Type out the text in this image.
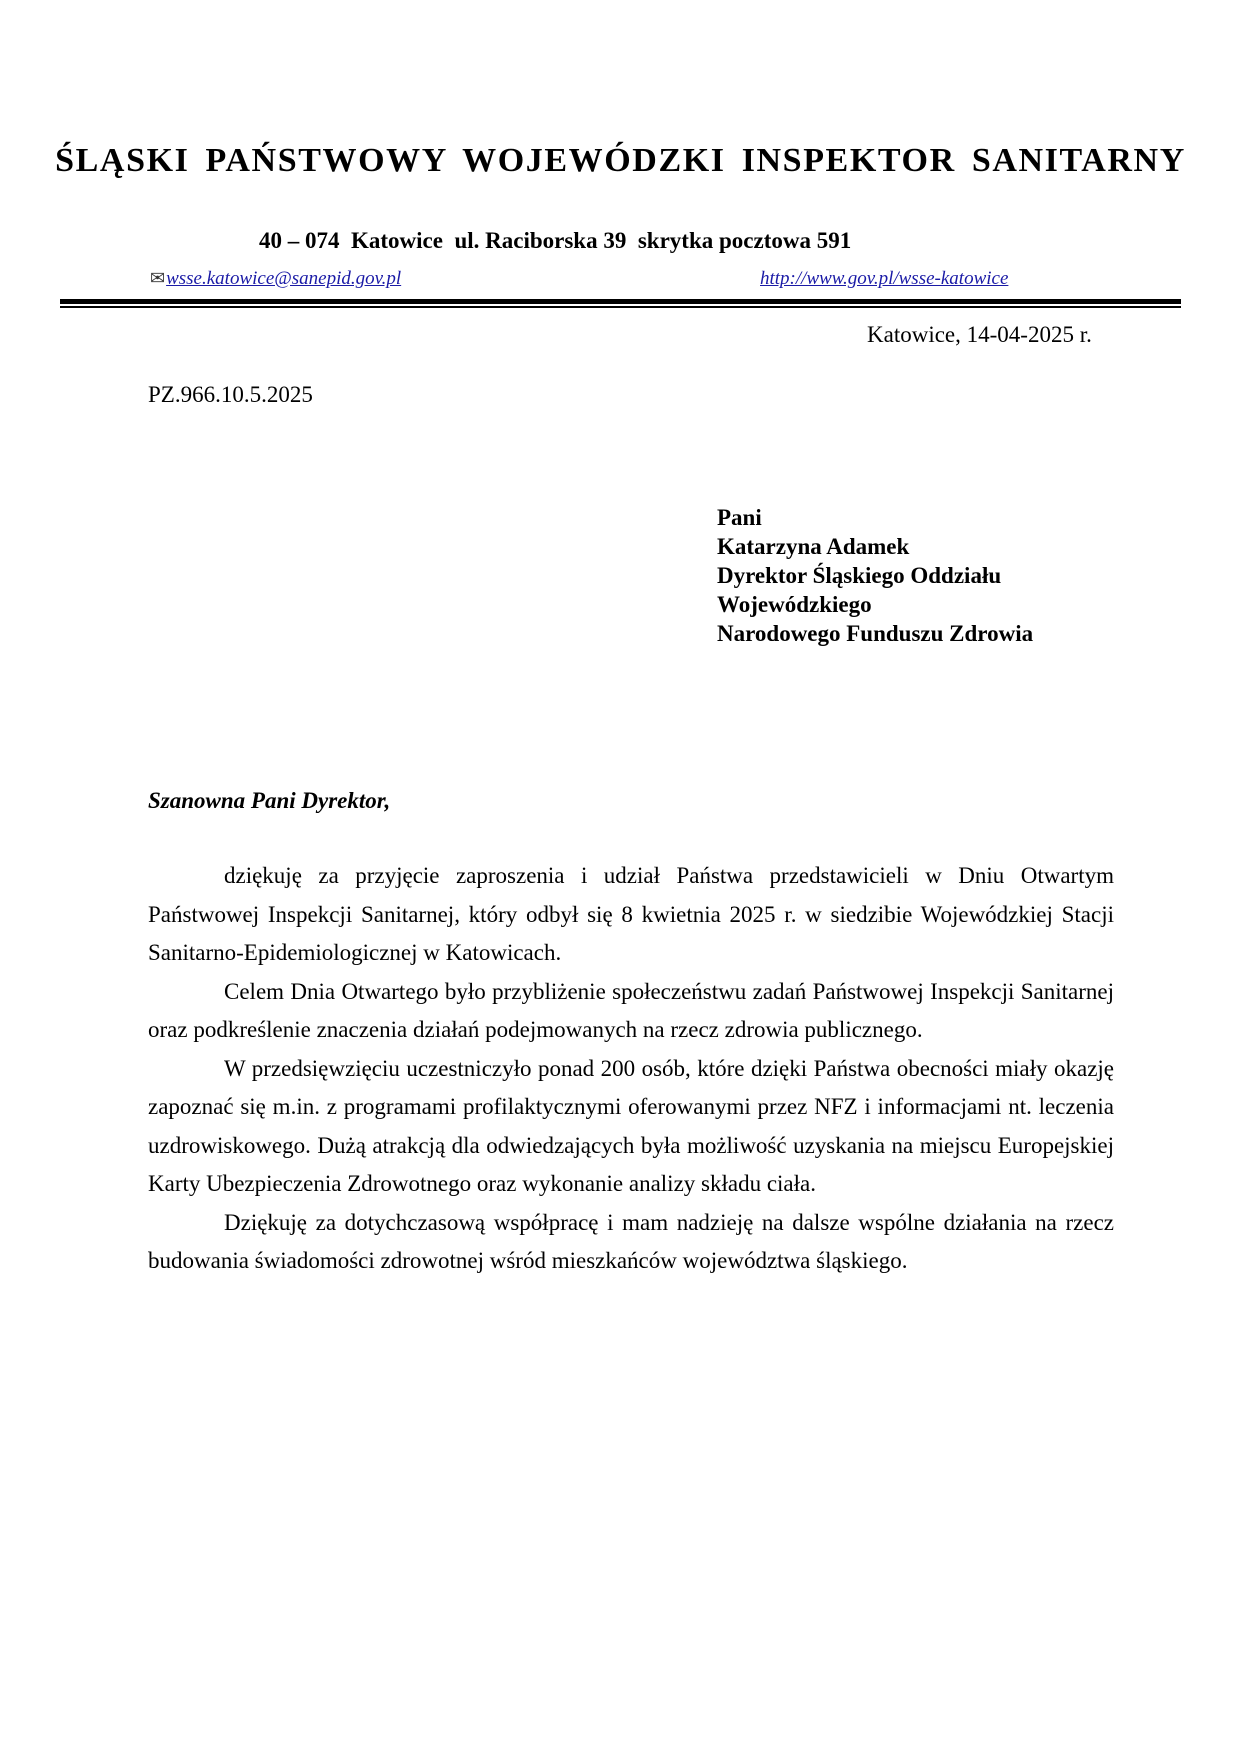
ŚLĄSKI PAŃSTWOWY WOJEWÓDZKI INSPEKTOR SANITARNY
40 – 074  Katowice  ul. Raciborska 39  skrytka pocztowa 591
✉wsse.katowice@sanepid.gov.pl	http://www.gov.pl/wsse-katowice
Katowice, 14-04-2025 r.
PZ.966.10.5.2025
Pani
Katarzyna Adamek
Dyrektor Śląskiego Oddziału
Wojewódzkiego
Narodowego Funduszu Zdrowia
Szanowna Pani Dyrektor,

dziękuję za przyjęcie zaproszenia i udział Państwa przedstawicieli w Dniu Otwartym Państwowej Inspekcji Sanitarnej, który odbył się 8 kwietnia 2025 r. w siedzibie Wojewódzkiej Stacji Sanitarno-Epidemiologicznej w Katowicach.

Celem Dnia Otwartego było przybliżenie społeczeństwu zadań Państwowej Inspekcji Sanitarnej oraz podkreślenie znaczenia działań podejmowanych na rzecz zdrowia publicznego.

W przedsięwzięciu uczestniczyło ponad 200 osób, które dzięki Państwa obecności miały okazję zapoznać się m.in. z programami profilaktycznymi oferowanymi przez NFZ i informacjami nt. leczenia uzdrowiskowego. Dużą atrakcją dla odwiedzających była możliwość uzyskania na miejscu Europejskiej Karty Ubezpieczenia Zdrowotnego oraz wykonanie analizy składu ciała.

Dziękuję za dotychczasową współpracę i mam nadzieję na dalsze wspólne działania na rzecz budowania świadomości zdrowotnej wśród mieszkańców województwa śląskiego.
